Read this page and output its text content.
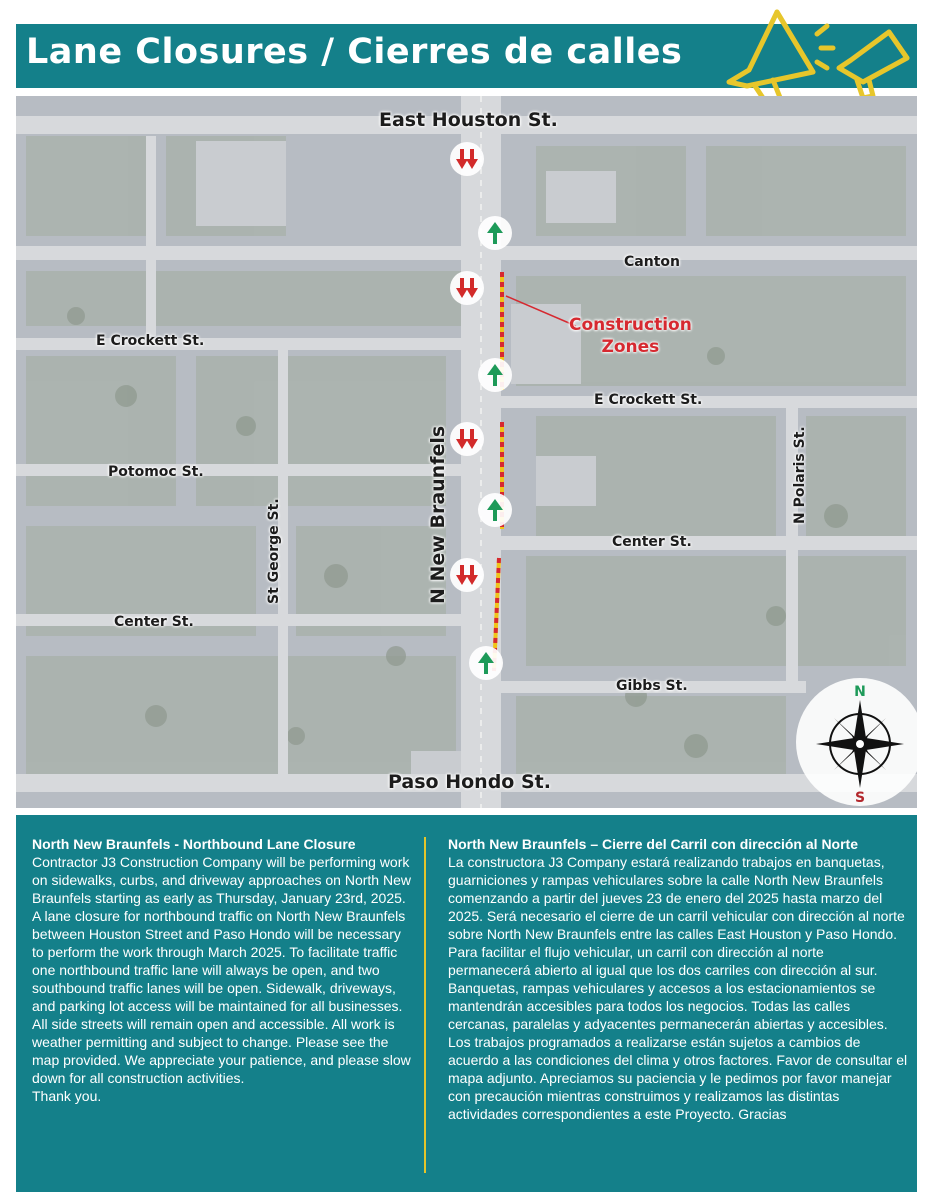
Lane Closures / Cierres de calles
East Houston St.
Canton
E Crockett St.
E Crockett St.
Potomoc St.
Center St.
Center St.
Gibbs St.
Paso Hondo St.
St George St.	N New Braunfels	N Polaris St.
Construction
Zones
N
S
North New Braunfels - Northbound Lane Closure

Contractor J3 Construction Company will be performing work on sidewalks, curbs, and driveway approaches on North New Braunfels starting as early as Thursday, January 23rd, 2025. A lane closure for northbound traffic on North New Braunfels between Houston Street and Paso Hondo will be necessary to perform the work through March 2025. To facilitate traffic one northbound traffic lane will always be open, and two southbound traffic lanes will be open. Sidewalk, driveways, and parking lot access will be maintained for all businesses. All side streets will remain open and accessible. All work is weather permitting and subject to change. Please see the map provided. We appreciate your patience, and please slow down for all construction activities.

Thank you.

North New Braunfels – Cierre del Carril con dirección al Norte

La constructora J3 Company estará realizando trabajos en banquetas, guarniciones y rampas vehiculares sobre la calle North New Braunfels comenzando a partir del jueves 23 de enero del 2025 hasta marzo del 2025. Será necesario el cierre de un carril vehicular con dirección al norte sobre North New Braunfels entre las calles East Houston y Paso Hondo. Para facilitar el flujo vehicular, un carril con dirección al norte permanecerá abierto al igual que los dos carriles con dirección al sur. Banquetas, rampas vehiculares y accesos a los estacionamientos se mantendrán accesibles para todos los negocios. Todas las calles cercanas, paralelas y adyacentes permanecerán abiertas y accesibles. Los trabajos programados a realizarse están sujetos a cambios de acuerdo a las condiciones del clima y otros factores. Favor de consultar el mapa adjunto. Apreciamos su paciencia y le pedimos por favor manejar con precaución mientras construimos y realizamos las distintas actividades correspondientes a este Proyecto. Gracias
